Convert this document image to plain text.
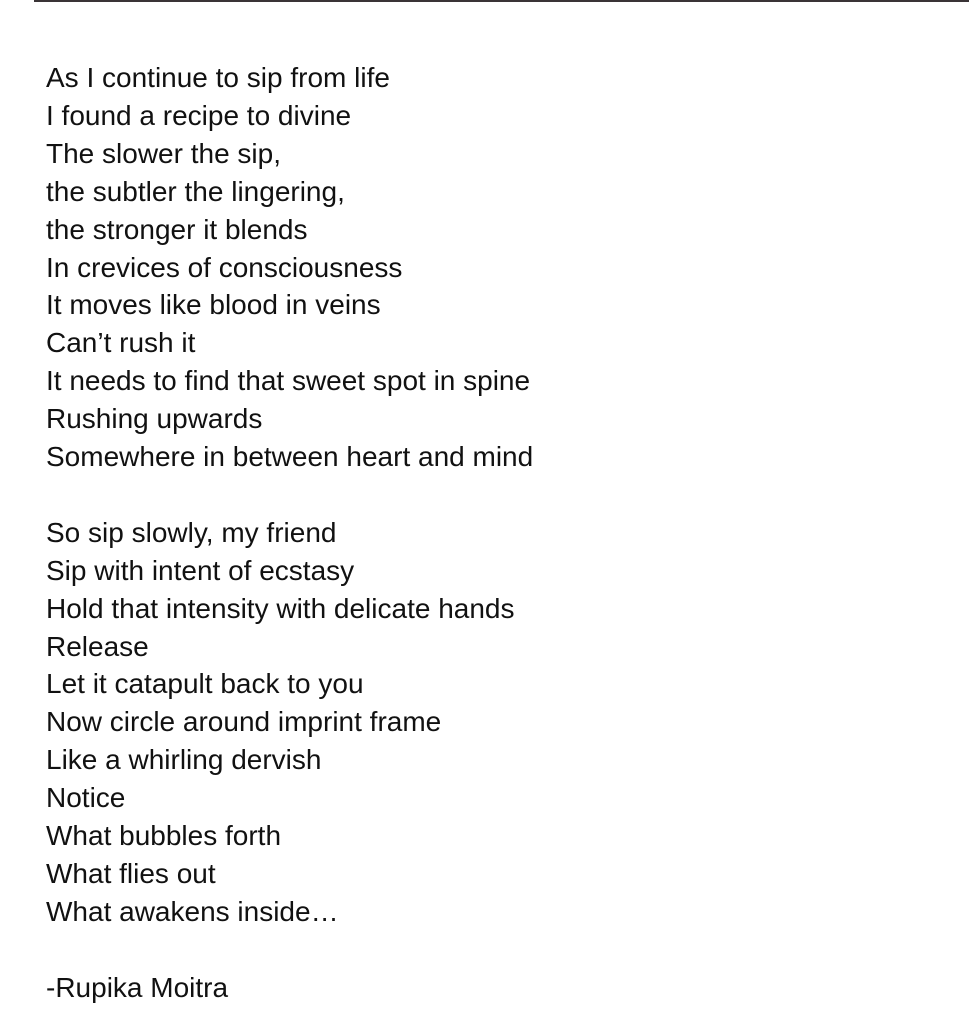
As I continue to sip from life
I found a recipe to divine
The slower the sip,
the subtler the lingering,
the stronger it blends
In crevices of consciousness
It moves like blood in veins
Can’t rush it
It needs to find that sweet spot in spine
Rushing upwards
Somewhere in between heart and mind
So sip slowly, my friend
Sip with intent of ecstasy
Hold that intensity with delicate hands
Release
Let it catapult back to you
Now circle around imprint frame
Like a whirling dervish
Notice
What bubbles forth
What flies out
What awakens inside…
-Rupika Moitra
